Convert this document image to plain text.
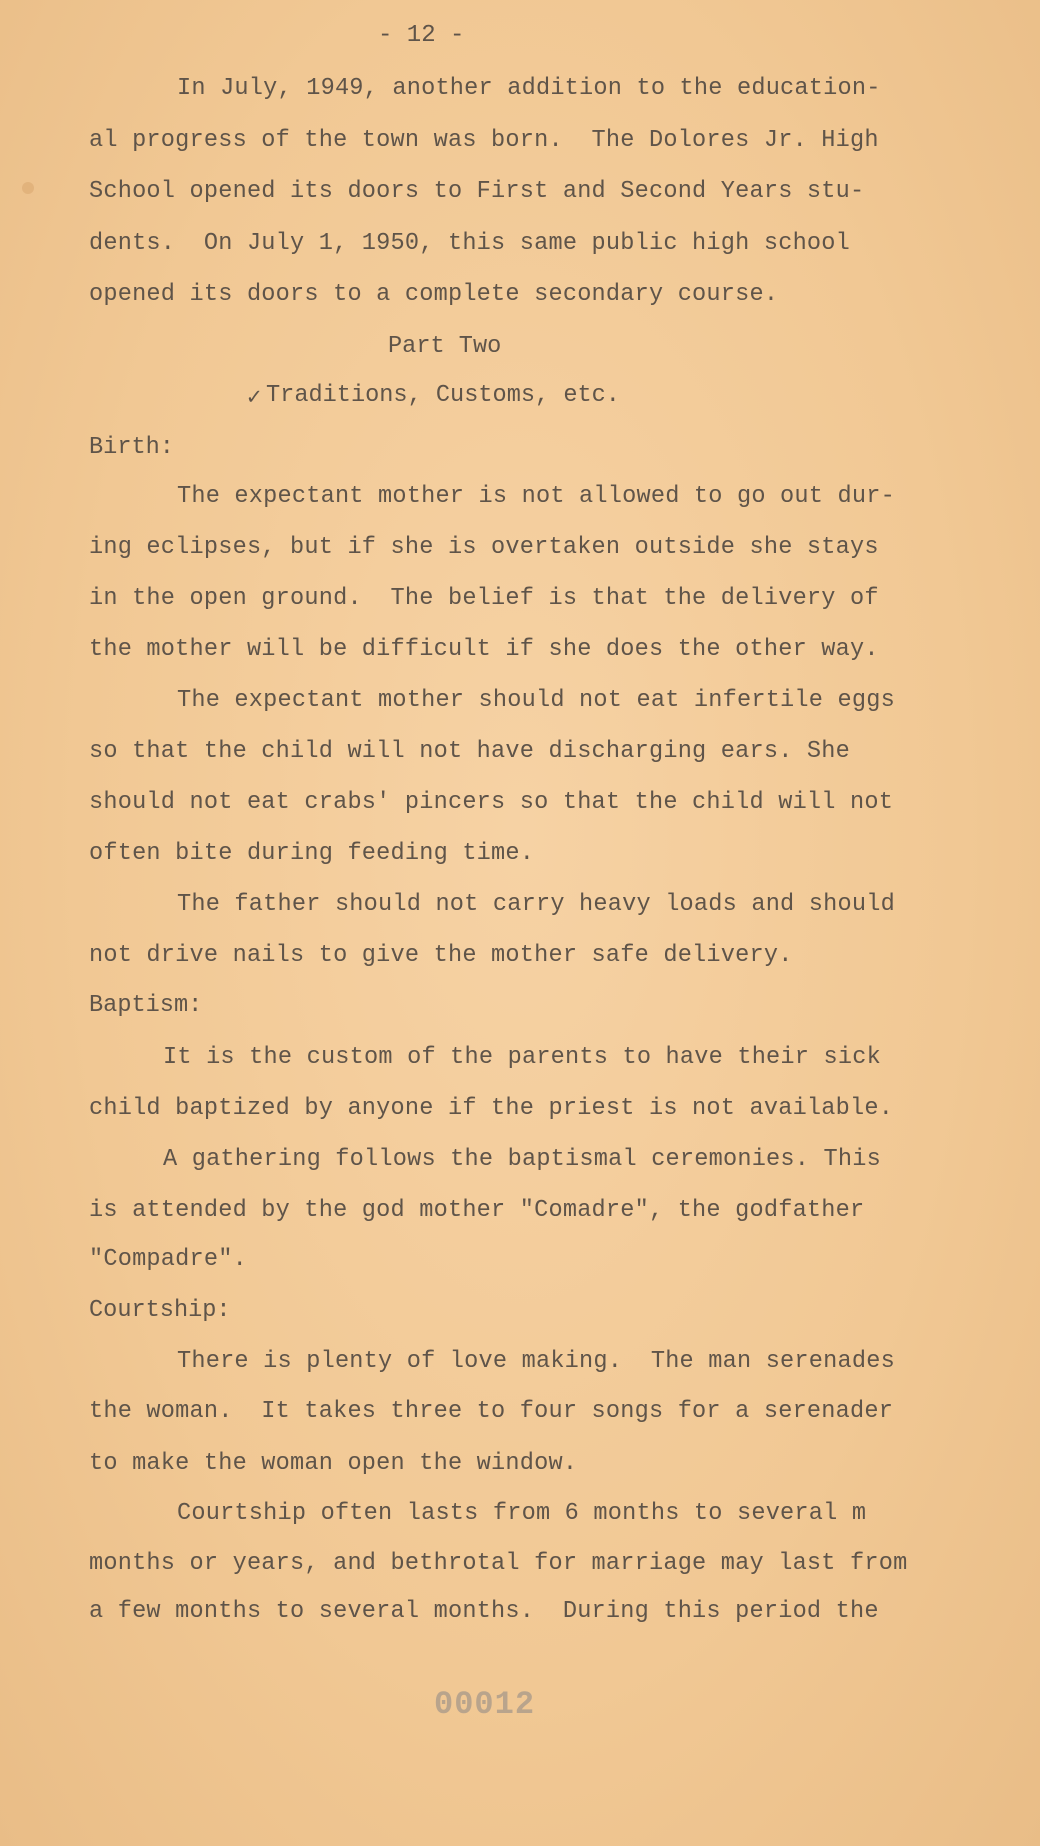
- 12 -
In July, 1949, another addition to the education-
al progress of the town was born.  The Dolores Jr. High
School opened its doors to First and Second Years stu-
dents.  On July 1, 1950, this same public high school
opened its doors to a complete secondary course.
Part Two
✓ Traditions, Customs, etc.
Birth:
The expectant mother is not allowed to go out dur-
ing eclipses, but if she is overtaken outside she stays
in the open ground.  The belief is that the delivery of
the mother will be difficult if she does the other way.
The expectant mother should not eat infertile eggs
so that the child will not have discharging ears. She
should not eat crabs' pincers so that the child will not
often bite during feeding time.
The father should not carry heavy loads and should
not drive nails to give the mother safe delivery.
Baptism:
It is the custom of the parents to have their sick
child baptized by anyone if the priest is not available.
A gathering follows the baptismal ceremonies. This
is attended by the god mother "Comadre", the godfather
"Compadre".
Courtship:
There is plenty of love making.  The man serenades
the woman.  It takes three to four songs for a serenader
to make the woman open the window.
Courtship often lasts from 6 months to several m
months or years, and bethrotal for marriage may last from
a few months to several months.  During this period the
00012
